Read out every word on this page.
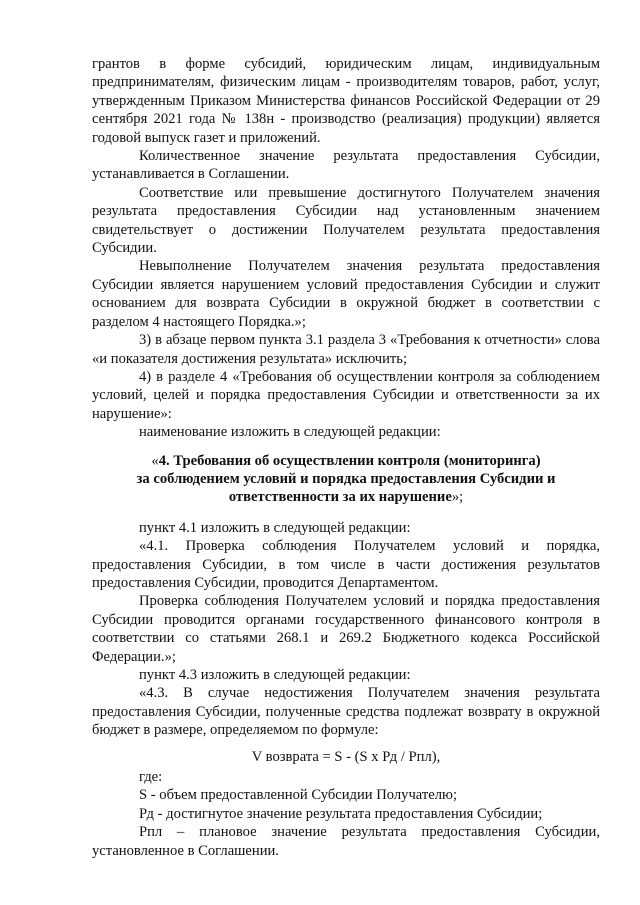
грантов в форме субсидий, юридическим лицам, индивидуальным предпринимателям, физическим лицам - производителям товаров, работ, услуг, утвержденным Приказом Министерства финансов Российской Федерации от 29 сентября 2021 года № 138н - производство (реализация) продукции) является годовой выпуск газет и приложений.

Количественное значение результата предоставления Субсидии, устанавливается в Соглашении.

Соответствие или превышение достигнутого Получателем значения результата предоставления Субсидии над установленным значением свидетельствует о достижении Получателем результата предоставления Субсидии.

Невыполнение Получателем значения результата предоставления Субсидии является нарушением условий предоставления Субсидии и служит основанием для возврата Субсидии в окружной бюджет в соответствии с разделом 4 настоящего Порядка.»;

3) в абзаце первом пункта 3.1 раздела 3 «Требования к отчетности» слова «и показателя достижения результата» исключить;

4) в разделе 4 «Требования об осуществлении контроля за соблюдением условий, целей и порядка предоставления Субсидии и ответственности за их нарушение»:

наименование изложить в следующей редакции:

«4. Требования об осуществлении контроля (мониторинга)
за соблюдением условий и порядка предоставления Субсидии и
ответственности за их нарушение»;

пункт 4.1 изложить в следующей редакции:

«4.1. Проверка соблюдения Получателем условий и порядка, предоставления Субсидии, в том числе в части достижения результатов предоставления Субсидии, проводится Департаментом.

Проверка соблюдения Получателем условий и порядка предоставления Субсидии проводится органами государственного финансового контроля в соответствии со статьями 268.1 и 269.2 Бюджетного кодекса Российской Федерации.»;

пункт 4.3 изложить в следующей редакции:

«4.3. В случае недостижения Получателем значения результата предоставления Субсидии, полученные средства подлежат возврату в окружной бюджет в размере, определяемом по формуле:

V возврата = S - (S х Рд / Рпл),

где:

S - объем предоставленной Субсидии Получателю;

Рд - достигнутое значение результата предоставления Субсидии;

Рпл – плановое значение результата предоставления Субсидии, установленное в Соглашении.
